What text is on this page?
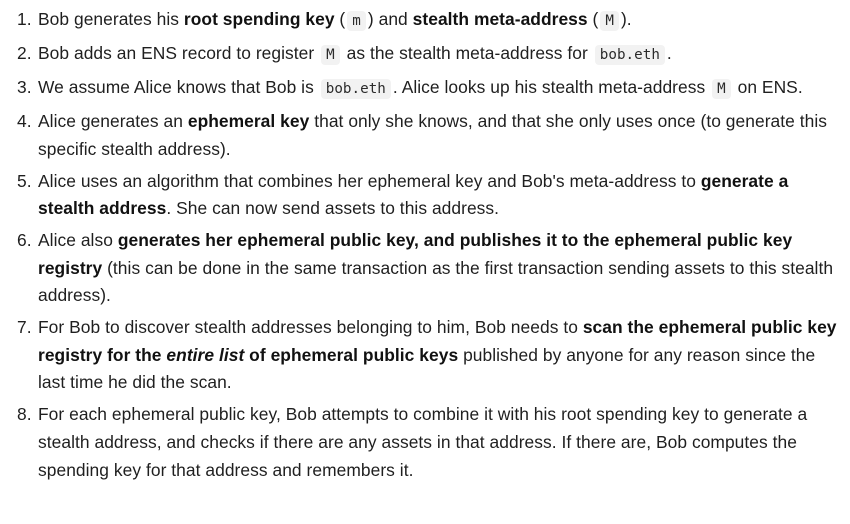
1. Bob generates his root spending key ( m ) and stealth meta-address ( M ).
2. Bob adds an ENS record to register M as the stealth meta-address for bob.eth .
3. We assume Alice knows that Bob is bob.eth . Alice looks up his stealth meta-address M on ENS.
4. Alice generates an ephemeral key that only she knows, and that she only uses once (to generate this specific stealth address).
5. Alice uses an algorithm that combines her ephemeral key and Bob's meta-address to generate a stealth address. She can now send assets to this address.
6. Alice also generates her ephemeral public key, and publishes it to the ephemeral public key registry (this can be done in the same transaction as the first transaction sending assets to this stealth address).
7. For Bob to discover stealth addresses belonging to him, Bob needs to scan the ephemeral public key registry for the entire list of ephemeral public keys published by anyone for any reason since the last time he did the scan.
8. For each ephemeral public key, Bob attempts to combine it with his root spending key to generate a stealth address, and checks if there are any assets in that address. If there are, Bob computes the spending key for that address and remembers it.
